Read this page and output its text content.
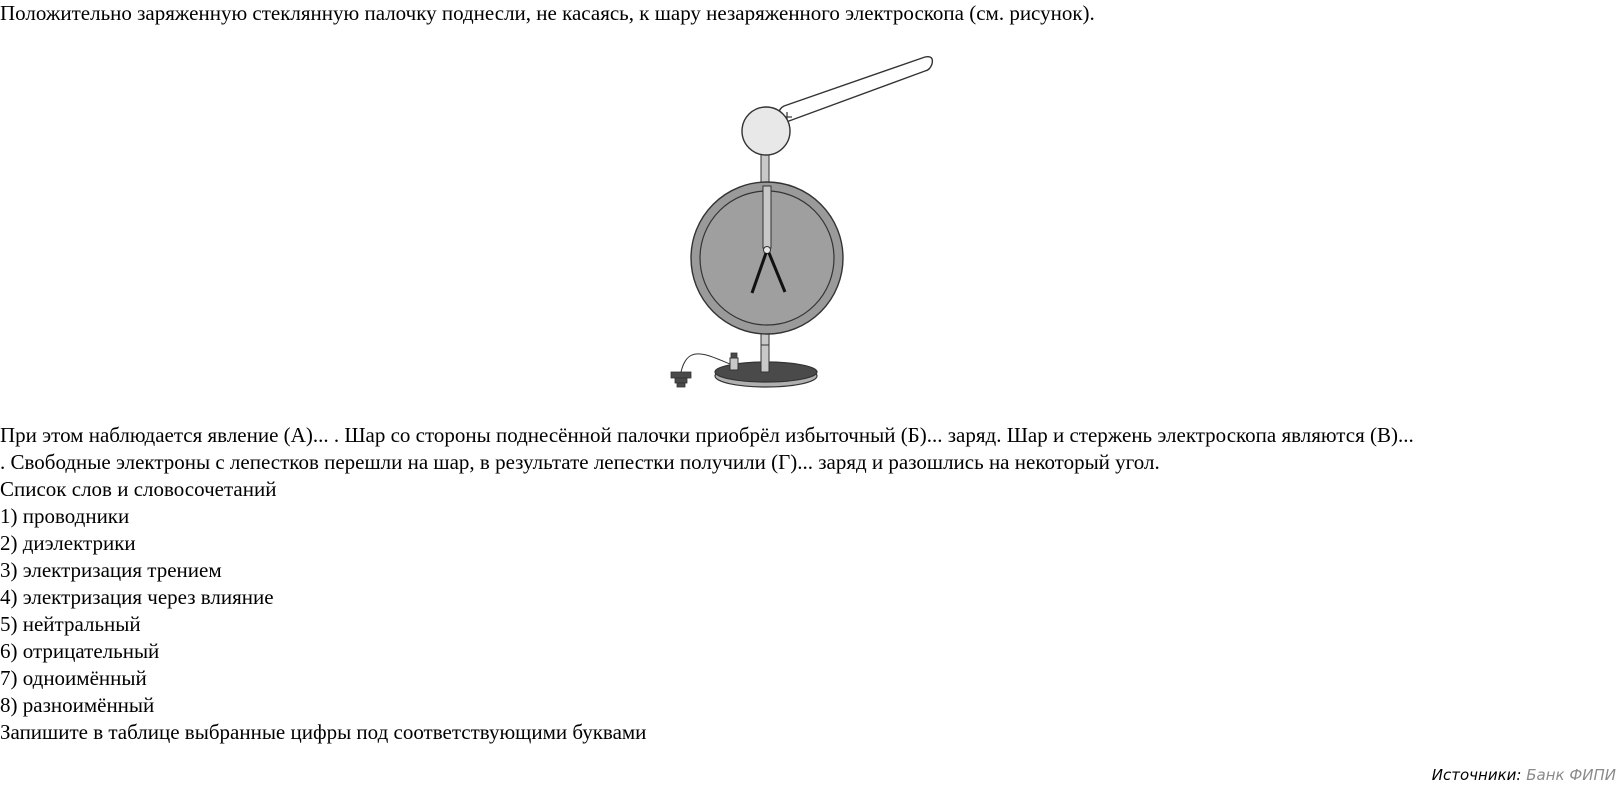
Положительно заряженную стеклянную палочку поднесли, не касаясь, к шару незаряженного электроскопа (см. рисунок).
При этом наблюдается явление (А)... . Шар со стороны поднесённой палочки приобрёл избыточный (Б)... заряд. Шар и стержень электроскопа являются (В)...
. Свободные электроны с лепестков перешли на шар, в результате лепестки получили (Г)... заряд и разошлись на некоторый угол.
Список слов и словосочетаний
1) проводники
2) диэлектрики
3) электризация трением
4) электризация через влияние
5) нейтральный
6) отрицательный
7) одноимённый
8) разноимённый
Запишите в таблице выбранные цифры под соответствующими буквами
Источники: Банк ФИПИ
